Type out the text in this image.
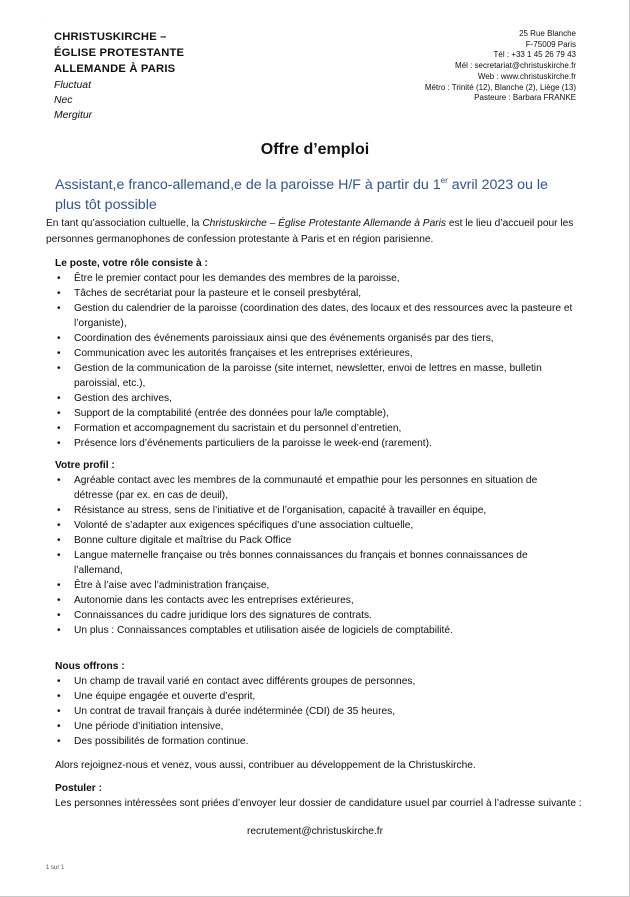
.
CHRISTUSKIRCHE –
ÉGLISE PROTESTANTE
ALLEMANDE À PARIS
Fluctuat
Nec
Mergitur
25 Rue Blanche
F-75009 Paris
Tél : +33 1 45 26 79 43
Mél : secretariat@christuskirche.fr
Web : www.christuskirche.fr
Métro : Trinité (12), Blanche (2), Liège (13)
Pasteure : Barbara FRANKE
Offre d’emploi
Assistant,e franco-allemand,e de la paroisse H/F à partir du 1er avril 2023 ou le plus tôt possible
En tant qu’association cultuelle, la Christuskirche – Église Protestante Allemande à Paris est le lieu d’accueil pour les personnes germanophones de confession protestante à Paris et en région parisienne.
Le poste, votre rôle consiste à :
• Être le premier contact pour les demandes des membres de la paroisse,
• Tâches de secrétariat pour la pasteure et le conseil presbytéral,
• Gestion du calendrier de la paroisse (coordination des dates, des locaux et des ressources avec la pasteure et l’organiste),
• Coordination des événements paroissiaux ainsi que des événements organisés par des tiers,
• Communication avec les autorités françaises et les entreprises extérieures,
• Gestion de la communication de la paroisse (site internet, newsletter, envoi de lettres en masse, bulletin paroissial, etc.),
• Gestion des archives,
• Support de la comptabilité (entrée des données pour la/le comptable),
• Formation et accompagnement du sacristain et du personnel d’entretien,
• Présence lors d’événements particuliers de la paroisse le week-end (rarement).
Votre profil :
• Agréable contact avec les membres de la communauté et empathie pour les personnes en situation de détresse (par ex. en cas de deuil),
• Résistance au stress, sens de l’initiative et de l’organisation, capacité à travailler en équipe,
• Volonté de s’adapter aux exigences spécifiques d’une association cultuelle,
• Bonne culture digitale et maîtrise du Pack Office
• Langue maternelle française ou très bonnes connaissances du français et bonnes connaissances de l’allemand,
• Être à l’aise avec l’administration française,
• Autonomie dans les contacts avec les entreprises extérieures,
• Connaissances du cadre juridique lors des signatures de contrats.
• Un plus : Connaissances comptables et utilisation aisée de logiciels de comptabilité.
Nous offrons :
• Un champ de travail varié en contact avec différents groupes de personnes,
• Une équipe engagée et ouverte d’esprit,
• Un contrat de travail français à durée indéterminée (CDI) de 35 heures,
• Une période d’initiation intensive,
• Des possibilités de formation continue.
Alors rejoignez-nous et venez, vous aussi, contribuer au développement de la Christuskirche.
Postuler :
Les personnes intéressées sont priées d’envoyer leur dossier de candidature usuel par courriel à l’adresse suivante :
recrutement@christuskirche.fr
1 sur 1
